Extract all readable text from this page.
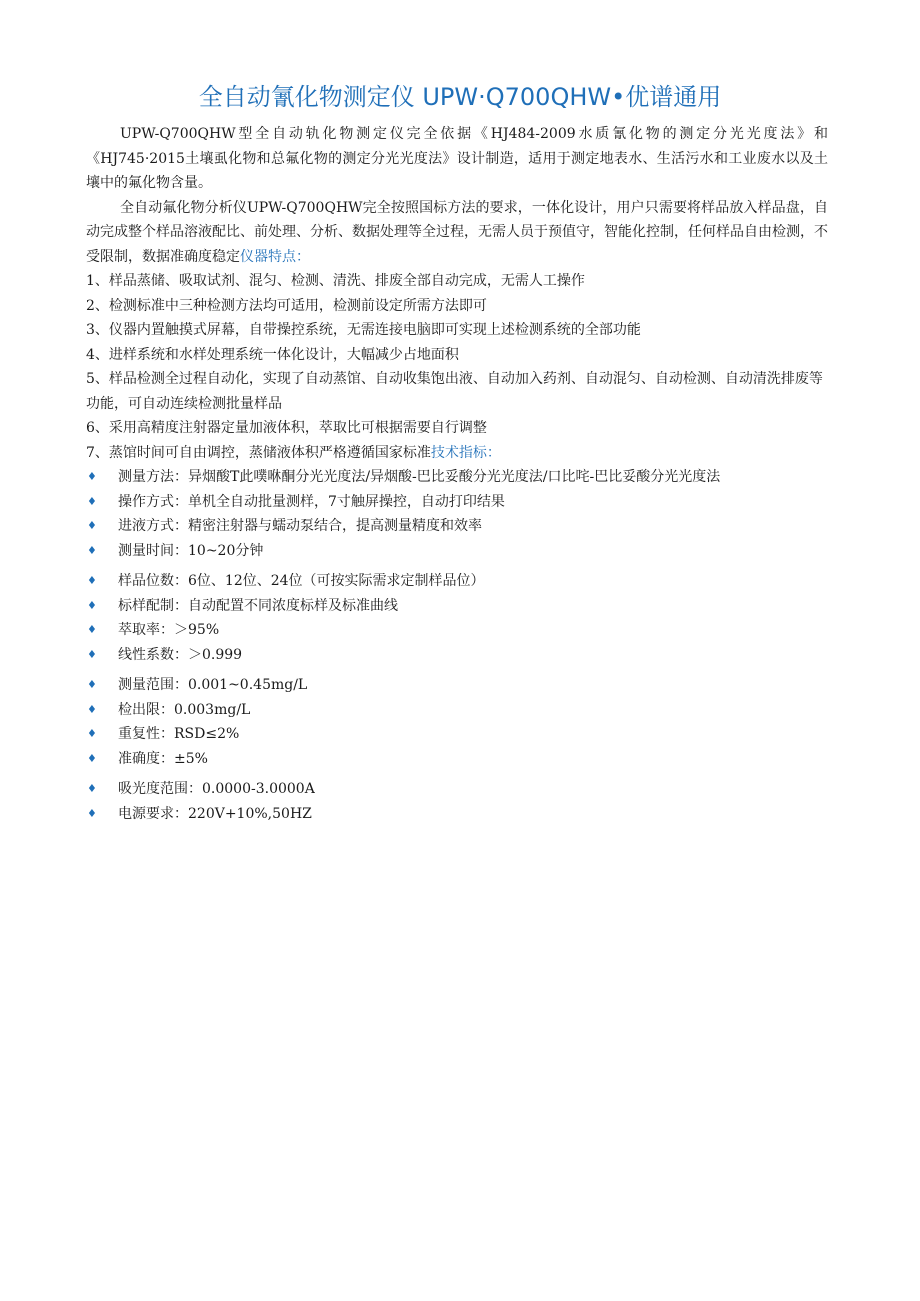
全自动氰化物测定仪 UPW·Q700QHW•优谱通用

UPW-Q700QHW型全自动轨化物测定仪完全依据《HJ484-2009水质氰化物的测定分光光度法》和《HJ745·2015土壤虱化物和总氟化物的测定分光光度法》设计制造，适用于测定地表水、生活污水和工业废水以及土壤中的氟化物含量。

全自动氟化物分析仪UPW-Q700QHW完全按照国标方法的要求，一体化设计，用户只需要将样品放入样品盘，自动完成整个样品溶液配比、前处理、分析、数据处理等全过程，无需人员于预值守，智能化控制，任何样品自由检测，不受限制，数据准确度稳定仪器特点：

1、样品蒸储、吸取试剂、混匀、检测、清洗、排废全部自动完成，无需人工操作
2、检测标准中三种检测方法均可适用，检测前设定所需方法即可
3、仪器内置触摸式屏幕，自带操控系统，无需连接电脑即可实现上述检测系统的全部功能
4、进样系统和水样处理系统一体化设计，大幅减少占地面积
5、样品检测全过程自动化，实现了自动蒸馆、自动收集饱出液、自动加入药剂、自动混匀、自动检测、自动清洗排废等功能，可自动连续检测批量样品
6、采用高精度注射器定量加液体积，萃取比可根据需要自行调整
7、蒸馆时间可自由调控，蒸储液体积严格遵循国家标准技术指标：
♦ 测量方法：异烟酸T此噗咻酮分光光度法/异烟酸-巴比妥酸分光光度法/口比咤-巴比妥酸分光光度法
♦ 操作方式：单机全自动批量测样，7寸触屏操控，自动打印结果
♦ 进液方式：精密注射器与蠕动泵结合，提高测量精度和效率
♦ 测量时间：10~20分钟
♦ 样品位数：6位、12位、24位（可按实际需求定制样品位）
♦ 标样配制：自动配置不同浓度标样及标准曲线
♦ 萃取率：＞95%
♦ 线性系数：＞0.999
♦ 测量范围：0.001~0.45mg∕L
♦ 检出限：0.003mg∕L
♦ 重复性：RSD≤2%
♦ 准确度：±5%
♦ 吸光度范围：0.0000-3.0000A
♦ 电源要求：220V+10%,50HZ
